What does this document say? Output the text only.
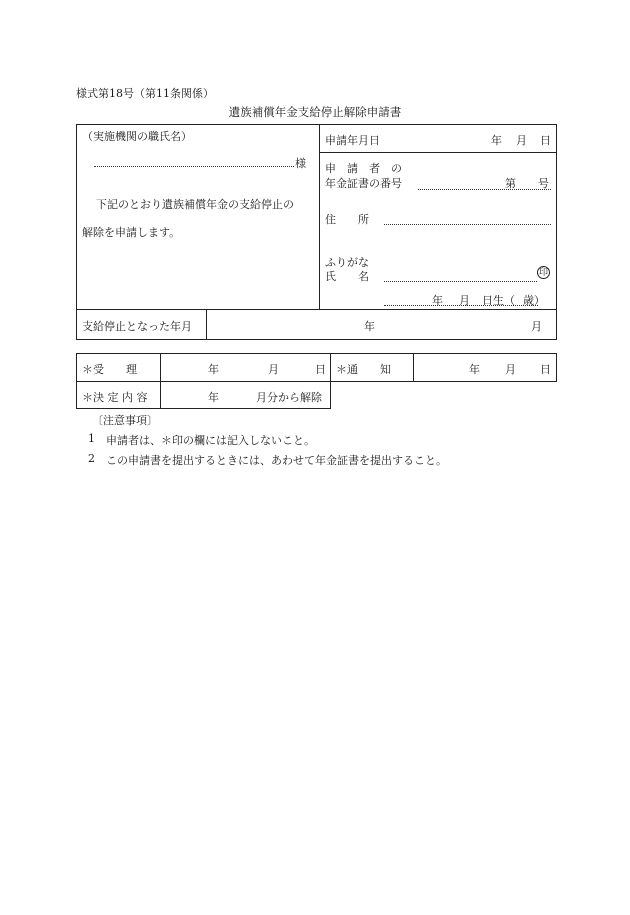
様式第18号（第11条関係）
遺族補償年金支給停止解除申請書
（実施機関の職氏名）
様
下記のとおり遺族補償年金の支給停止の
解除を申請します。
申請年月日	年 月 日
申　請　者　の
年金証書の番号	第 号
住　　所
ふりがな
氏　　名	印
年 月 日生（ 歳）
支給停止となった年月	年	月
＊受　　理	年	月	日 ＊通　　知	年 月 日
＊決 定 内 容	年	月分から解除
〔注意事項〕
1 申請者は、＊印の欄には記入しないこと。
2 この申請書を提出するときには、あわせて年金証書を提出すること。
